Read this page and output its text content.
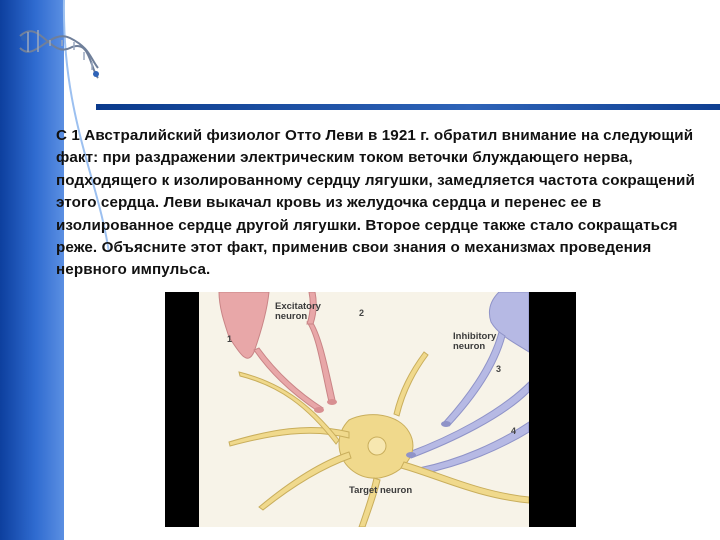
С 1 Австралийский физиолог Отто Леви в 1921 г. обратил внимание на следующий факт: при раздражении электрическим током веточки блуждающего нерва, подходящего к изолированному сердцу лягушки, замедляется частота сокращений этого сердца. Леви выкачал кровь из желудочка сердца и перенес ее в изолированное сердце другой лягушки. Второе сердце также стало сокращаться реже. Объясните этот факт, применив свои знания о механизмах проведения нервного импульса.

Excitatory
neuron
Inhibitory
neuron
Target neuron
1
2
3
4
